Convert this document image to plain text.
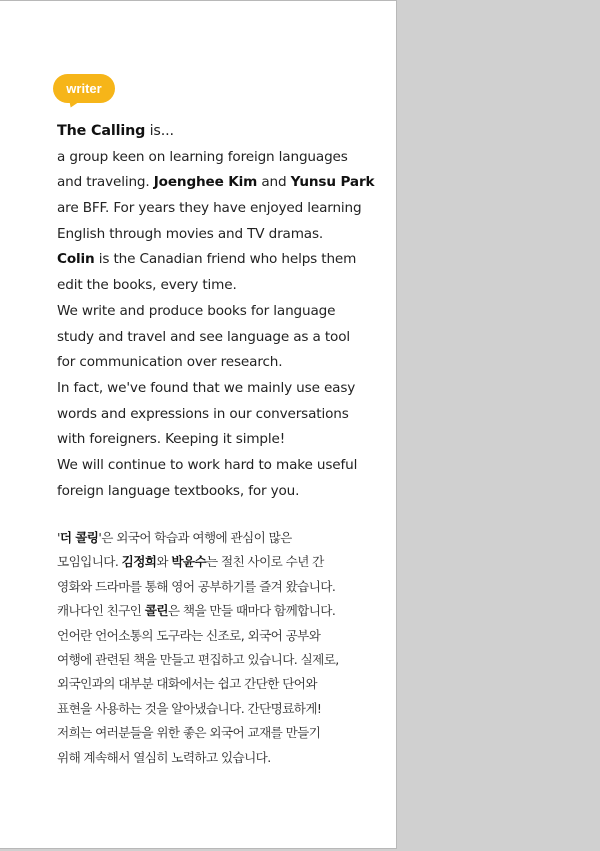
writer
The Calling is...
a group keen on learning foreign languages
and traveling. Joenghee Kim and Yunsu Park
are BFF. For years they have enjoyed learning
English through movies and TV dramas.
Colin is the Canadian friend who helps them
edit the books, every time.
We write and produce books for language
study and travel and see language as a tool
for communication over research.
In fact, we've found that we mainly use easy
words and expressions in our conversations
with foreigners. Keeping it simple!
We will continue to work hard to make useful
foreign language textbooks, for you.
'더 콜링'은 외국어 학습과 여행에 관심이 많은
모임입니다. 김정희와 박윤수는 절친 사이로 수년 간
영화와 드라마를 통해 영어 공부하기를 즐겨 왔습니다.
캐나다인 친구인 콜린은 책을 만들 때마다 함께합니다.
언어란 언어소통의 도구라는 신조로, 외국어 공부와
여행에 관련된 책을 만들고 편집하고 있습니다. 실제로,
외국인과의 대부분 대화에서는 쉽고 간단한 단어와
표현을 사용하는 것을 알아냈습니다. 간단명료하게!
저희는 여러분들을 위한 좋은 외국어 교재를 만들기
위해 계속해서 열심히 노력하고 있습니다.
